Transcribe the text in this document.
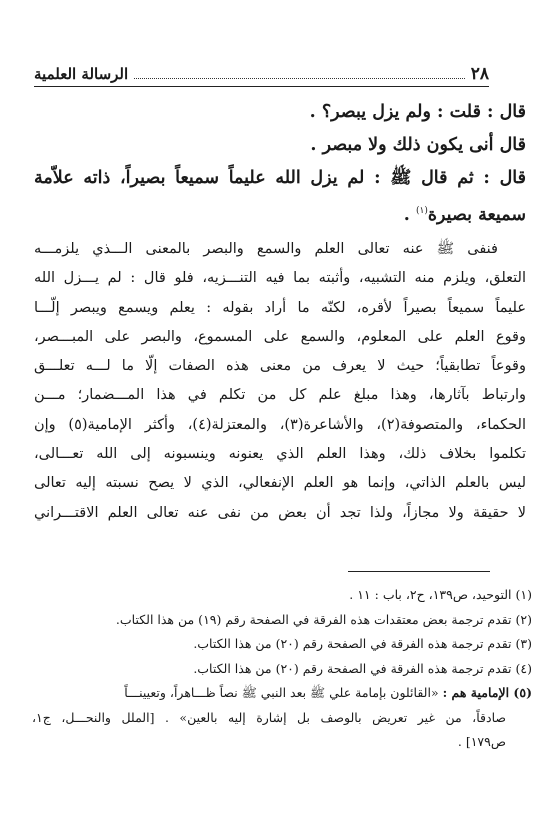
٢٨
الرسالة العلمية
قال : قلت : ولم يزل يبصر؟ .
قال أنى يكون ذلك ولا مبصر .
قال : ثم قال ﷺ : لم يزل الله عليماً سميعاً بصيراً، ذاته علاّمة
سميعة بصيرة$^{(١)}$ .
فنفى ﷺ عنه تعالى العلم والسمع والبصر بالمعنى الـــذي يلزمـــه
التعلق، ويلزم منه التشبيه، وأثبته بما فيه التنـــزيه، فلو قال : لم يـــزل الله
عليماً سميعاً بصيراً لأقره، لكنّه ما أراد بقوله : يعلم ويسمع ويبصر إلّـــا
وقوع العلم على المعلوم، والسمع على المسموع، والبصر على المبـــصر،
وقوعاً تطابقياً؛ حيث لا يعرف من معنى هذه الصفات إلّا ما لـــه تعلـــق
وارتباط بآثارها، وهذا مبلغ علم كل من تكلم في هذا المـــضمار؛ مـــن
الحكماء، والمتصوفة(٢)، والأشاعرة(٣)، والمعتزلة(٤)، وأكثر الإمامية(٥) وإن
تكلموا بخلاف ذلك، وهذا العلم الذي يعنونه وينسبونه إلى الله تعـــالى،
ليس بالعلم الذاتي، وإنما هو العلم الإنفعالي، الذي لا يصح نسبته إليه تعالى
لا حقيقة ولا مجازاً، ولذا تجد أن بعض من نفى عنه تعالى العلم الاقتـــراني
(١) التوحيد، ص١٣٩، ح٢، باب : ١١ .
(٢) تقدم ترجمة بعض معتقدات هذه الفرقة في الصفحة رقم (١٩) من هذا الكتاب.
(٣) تقدم ترجمة هذه الفرقة في الصفحة رقم (٢٠) من هذا الكتاب.
(٤) تقدم ترجمة هذه الفرقة في الصفحة رقم (٢٠) من هذا الكتاب.
(٥) الإمامية هم : «القائلون بإمامة علي ﷺ بعد النبي ﷺ نصاً ظـــاهراً، وتعيينـــاً
صادقاً، من غير تعريض بالوصف بل إشارة إليه بالعين» . [الملل والنحـــل، ج١،
ص١٧٩] .
